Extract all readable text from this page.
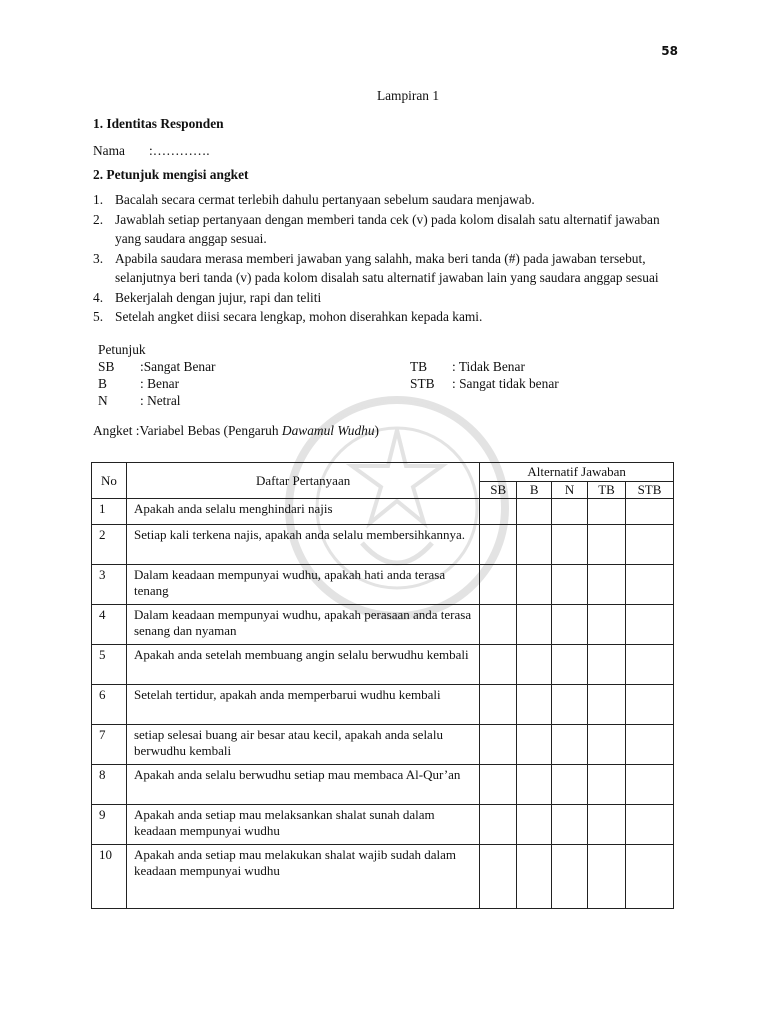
58
Lampiran 1
1. Identitas Responden
Nama	:………….
2. Petunjuk mengisi angket
1. Bacalah secara cermat terlebih dahulu pertanyaan sebelum saudara menjawab.
2. Jawablah setiap pertanyaan dengan memberi tanda cek (v) pada kolom disalah satu alternatif jawaban yang saudara anggap sesuai.
3. Apabila saudara merasa memberi jawaban yang salahh, maka beri tanda (#) pada jawaban tersebut, selanjutnya beri tanda (v) pada kolom disalah satu alternatif jawaban lain yang saudara anggap sesuai
4. Bekerjalah dengan jujur, rapi dan teliti
5. Setelah angket diisi secara lengkap, mohon diserahkan kepada kami.
Petunjuk
SB	:Sangat Benar	TB	: Tidak Benar
B	: Benar	STB	: Sangat tidak benar
N	: Netral
Angket :Variabel Bebas (Pengaruh Dawamul Wudhu)
No	Daftar Pertanyaan	Alternatif Jawaban				
		SB	B	N	TB	STB
1	Apakah anda selalu menghindari najis					
2	Setiap kali terkena najis, apakah anda selalu membersihkannya.					
3	Dalam keadaan mempunyai wudhu, apakah hati anda terasa tenang					
4	Dalam keadaan mempunyai wudhu, apakah perasaan anda terasa senang dan nyaman					
5	Apakah anda setelah membuang angin selalu berwudhu kembali					
6	Setelah tertidur, apakah anda memperbarui wudhu kembali					
7	setiap selesai buang air besar atau kecil, apakah anda selalu berwudhu kembali					
8	Apakah anda selalu berwudhu setiap mau membaca Al-Qur’an					
9	Apakah anda setiap mau melaksankan shalat sunah dalam keadaan mempunyai wudhu					
10	Apakah anda setiap mau melakukan shalat wajib sudah dalam keadaan mempunyai wudhu					
